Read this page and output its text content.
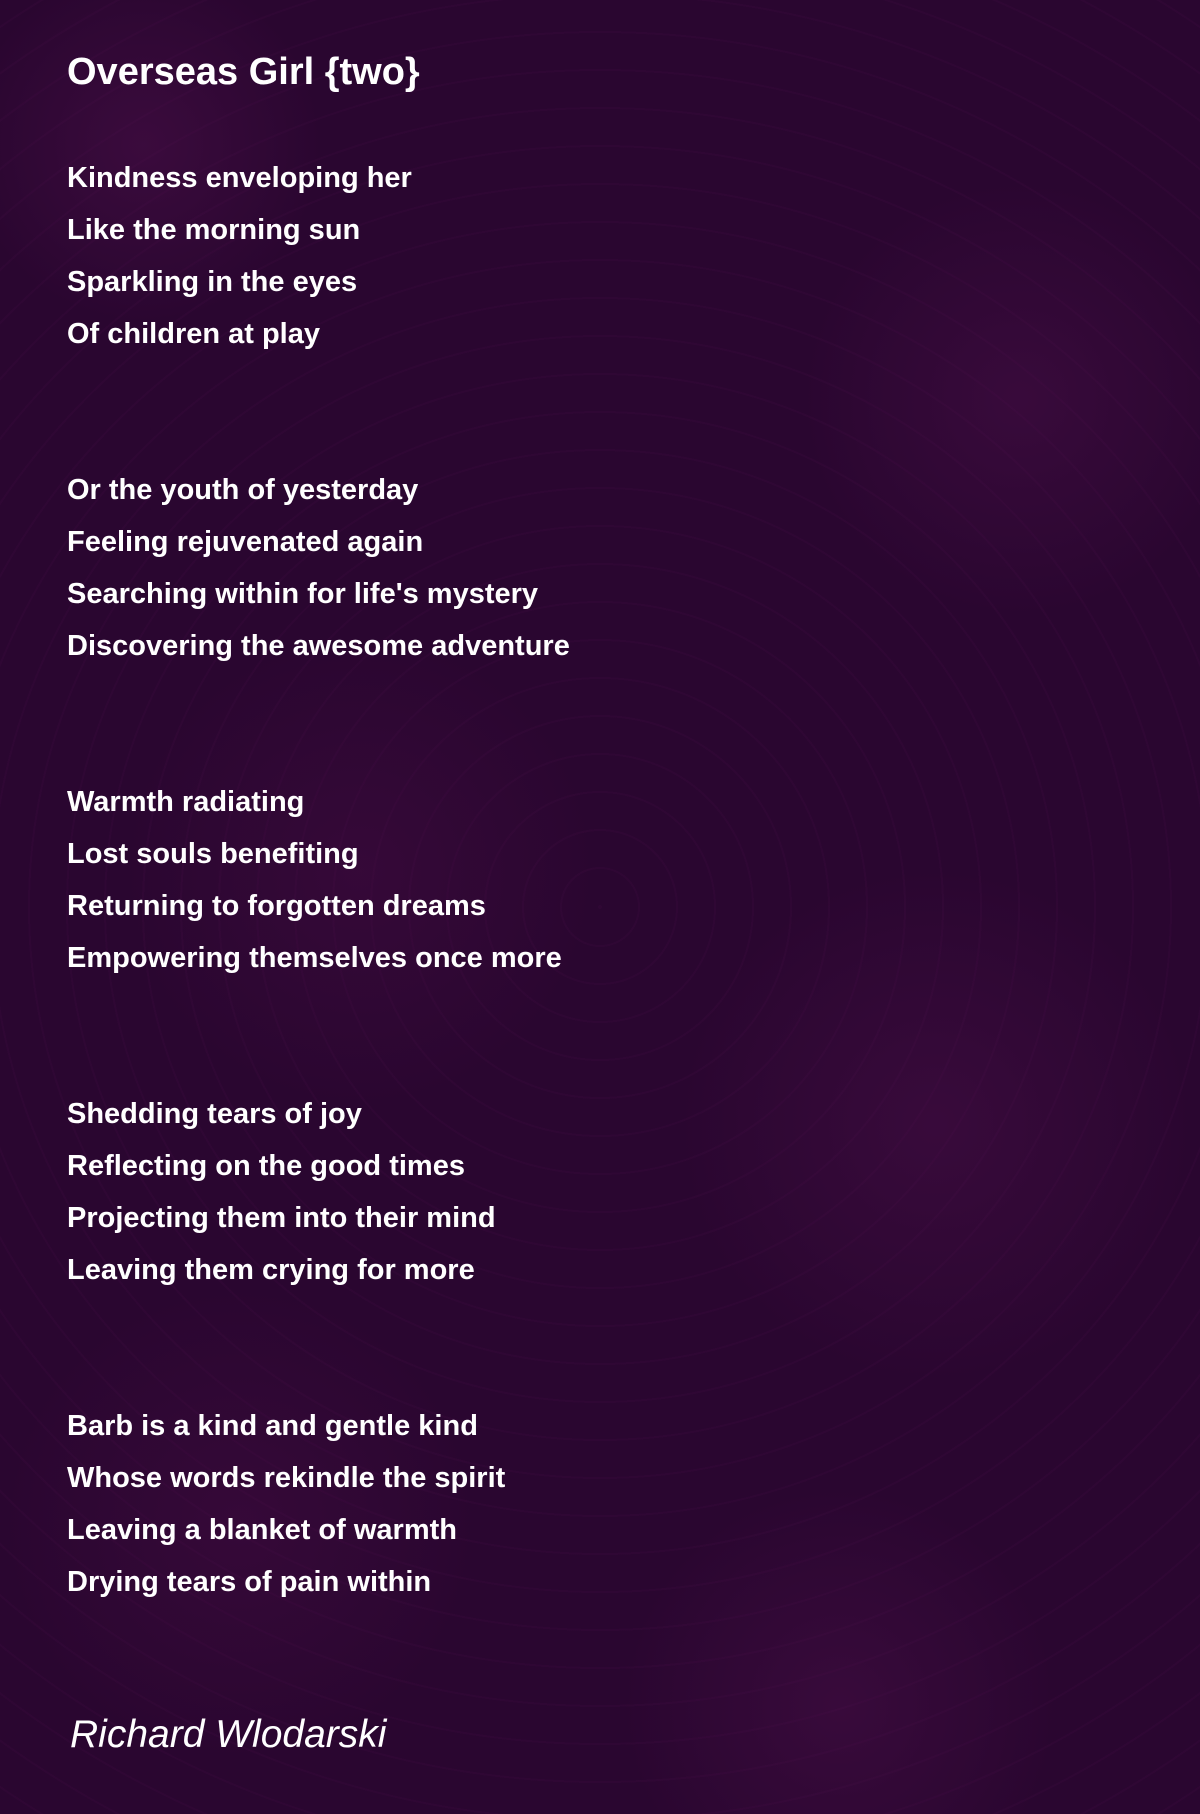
Overseas Girl {two}
Kindness enveloping her
Like the morning sun
Sparkling in the eyes
Of children at play
Or the youth of yesterday
Feeling rejuvenated again
Searching within for life's mystery
Discovering the awesome adventure
Warmth radiating
Lost souls benefiting
Returning to forgotten dreams
Empowering themselves once more
Shedding tears of joy
Reflecting on the good times
Projecting them into their mind
Leaving them crying for more
Barb is a kind and gentle kind
Whose words rekindle the spirit
Leaving a blanket of warmth
Drying tears of pain within

Richard Wlodarski
